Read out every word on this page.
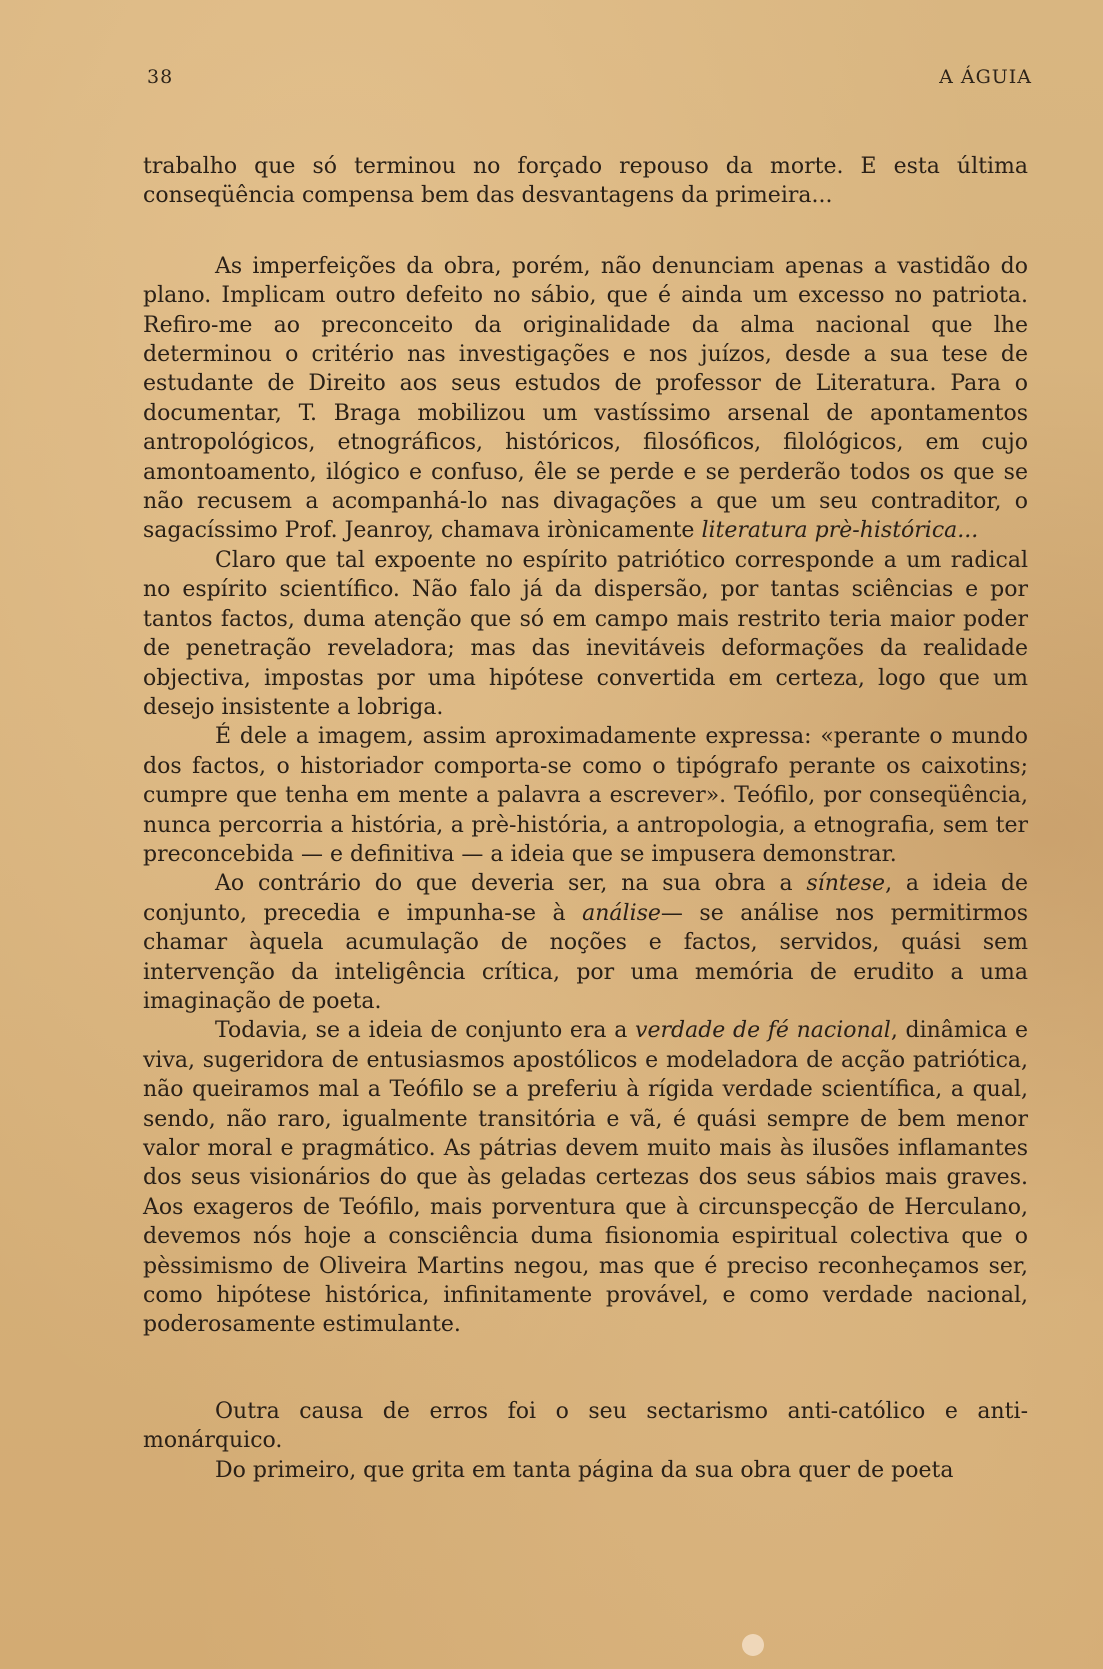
38	A ÁGUIA

trabalho que só terminou no forçado repouso da morte. E esta última conseqüência compensa bem das desvantagens da primeira...

As imperfeições da obra, porém, não denunciam apenas a vastidão do plano. Implicam outro defeito no sábio, que é ainda um excesso no patriota. Refiro-me ao preconceito da originalidade da alma nacional que lhe determinou o critério nas investigações e nos juízos, desde a sua tese de estudante de Direito aos seus estudos de professor de Literatura. Para o documentar, T. Braga mobilizou um vastíssimo arsenal de apontamentos antropológicos, etnográficos, históricos, filosóficos, filológicos, em cujo amontoamento, ilógico e confuso, êle se perde e se perderão todos os que se não recusem a acompanhá-lo nas divagações a que um seu contraditor, o sagacíssimo Prof. Jeanroy, chamava irònicamente literatura prè-histórica...

Claro que tal expoente no espírito patriótico corresponde a um radical no espírito scientífico. Não falo já da dispersão, por tantas sciências e por tantos factos, duma atenção que só em campo mais restrito teria maior poder de penetração reveladora; mas das inevitáveis deformações da realidade objectiva, impostas por uma hipótese convertida em certeza, logo que um desejo insistente a lobriga.

É dele a imagem, assim aproximadamente expressa: «perante o mundo dos factos, o historiador comporta-se como o tipógrafo perante os caixotins; cumpre que tenha em mente a palavra a escrever». Teófilo, por conseqüência, nunca percorria a história, a prè-história, a antropologia, a etnografia, sem ter preconcebida — e definitiva — a ideia que se impusera demonstrar.

Ao contrário do que deveria ser, na sua obra a síntese, a ideia de conjunto, precedia e impunha-se à análise— se análise nos permitirmos chamar àquela acumulação de noções e factos, servidos, quási sem intervenção da inteligência crítica, por uma memória de erudito a uma imaginação de poeta.

Todavia, se a ideia de conjunto era a verdade de fé nacional, dinâmica e viva, sugeridora de entusiasmos apostólicos e modeladora de acção patriótica, não queiramos mal a Teófilo se a preferiu à rígida verdade scientífica, a qual, sendo, não raro, igualmente transitória e vã, é quási sempre de bem menor valor moral e pragmático. As pátrias devem muito mais às ilusões inflamantes dos seus visionários do que às geladas certezas dos seus sábios mais graves. Aos exageros de Teófilo, mais porventura que à circunspecção de Herculano, devemos nós hoje a consciência duma fisionomia espiritual colectiva que o pèssimismo de Oliveira Martins negou, mas que é preciso reconheçamos ser, como hipótese histórica, infinitamente provável, e como verdade nacional, poderosamente estimulante.

Outra causa de erros foi o seu sectarismo anti-católico e anti-monárquico.

Do primeiro, que grita em tanta página da sua obra quer de poeta
